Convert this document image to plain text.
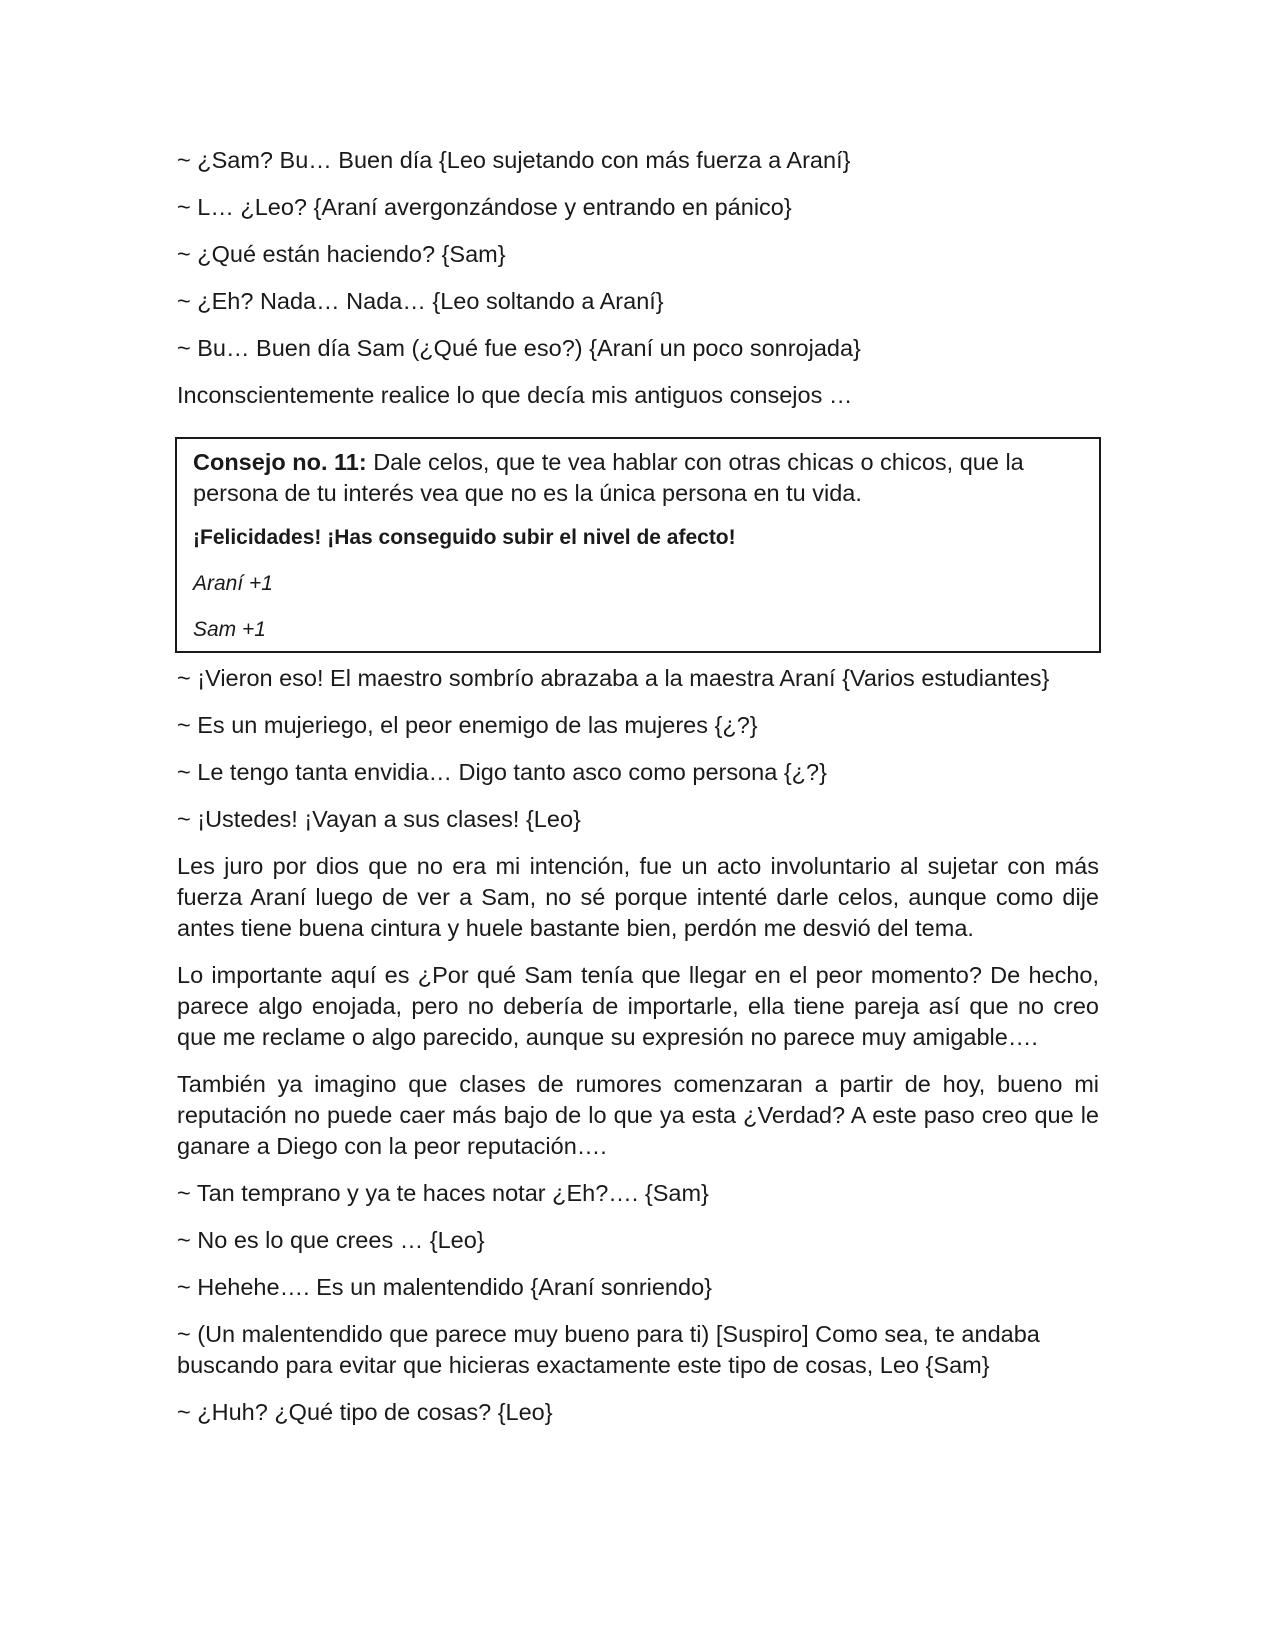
~ ¿Sam? Bu… Buen día {Leo sujetando con más fuerza a Araní}

~ L… ¿Leo? {Araní avergonzándose y entrando en pánico}

~ ¿Qué están haciendo? {Sam}

~ ¿Eh? Nada… Nada… {Leo soltando a Araní}

~ Bu… Buen día Sam (¿Qué fue eso?) {Araní un poco sonrojada}

Inconscientemente realice lo que decía mis antiguos consejos …

Consejo no. 11: Dale celos, que te vea hablar con otras chicas o chicos, que la persona de tu interés vea que no es la única persona en tu vida.

¡Felicidades! ¡Has conseguido subir el nivel de afecto!

Araní +1

Sam +1

~ ¡Vieron eso! El maestro sombrío abrazaba a la maestra Araní {Varios estudiantes}

~ Es un mujeriego, el peor enemigo de las mujeres {¿?}

~ Le tengo tanta envidia… Digo tanto asco como persona {¿?}

~ ¡Ustedes! ¡Vayan a sus clases! {Leo}

Les juro por dios que no era mi intención, fue un acto involuntario al sujetar con más fuerza Araní luego de ver a Sam, no sé porque intenté darle celos, aunque como dije antes tiene buena cintura y huele bastante bien, perdón me desvió del tema.

Lo importante aquí es ¿Por qué Sam tenía que llegar en el peor momento? De hecho, parece algo enojada, pero no debería de importarle, ella tiene pareja así que no creo que me reclame o algo parecido, aunque su expresión no parece muy amigable….

También ya imagino que clases de rumores comenzaran a partir de hoy, bueno mi reputación no puede caer más bajo de lo que ya esta ¿Verdad? A este paso creo que le ganare a Diego con la peor reputación….

~ Tan temprano y ya te haces notar ¿Eh?…. {Sam}

~ No es lo que crees … {Leo}

~ Hehehe…. Es un malentendido {Araní sonriendo}

~ (Un malentendido que parece muy bueno para ti) [Suspiro] Como sea, te andaba buscando para evitar que hicieras exactamente este tipo de cosas, Leo {Sam}

~ ¿Huh? ¿Qué tipo de cosas? {Leo}
